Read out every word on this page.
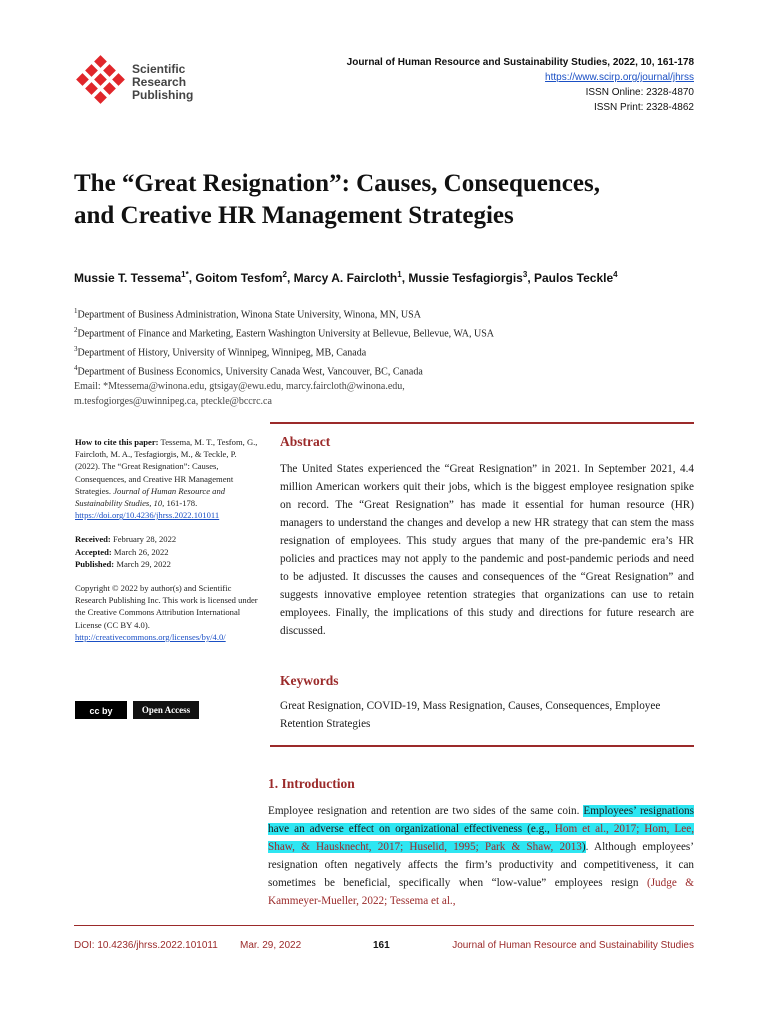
Scientific
Research
Publishing
Journal of Human Resource and Sustainability Studies, 2022, 10, 161-178
https://www.scirp.org/journal/jhrss
ISSN Online: 2328-4870
ISSN Print: 2328-4862
The “Great Resignation”: Causes, Consequences,
and Creative HR Management Strategies
Mussie T. Tessema$^{1*}$, Goitom Tesfom$^2$, Marcy A. Faircloth$^1$, Mussie Tesfagiorgis$^3$, Paulos Teckle$^4$
$^1$Department of Business Administration, Winona State University, Winona, MN, USA
$^2$Department of Finance and Marketing, Eastern Washington University at Bellevue, Bellevue, WA, USA
$^3$Department of History, University of Winnipeg, Winnipeg, MB, Canada
$^4$Department of Business Economics, University Canada West, Vancouver, BC, Canada
Email: *Mtessema@winona.edu, gtsigay@ewu.edu, marcy.faircloth@winona.edu,
m.tesfogiorges@uwinnipeg.ca, pteckle@bccrc.ca

How to cite this paper: Tessema, M. T., Tesfom, G., Faircloth, M. A., Tesfagiorgis, M., & Teckle, P. (2022). The “Great Resignation”: Causes, Consequences, and Creative HR Management Strategies. Journal of Human Resource and Sustainability Studies, 10, 161-178.

https://doi.org/10.4236/jhrss.2022.101011

Received: February 28, 2022

Accepted: March 26, 2022

Published: March 29, 2022

Copyright © 2022 by author(s) and Scientific Research Publishing Inc. This work is licensed under the Creative Commons Attribution International License (CC BY 4.0).

http://creativecommons.org/licenses/by/4.0/

cc by	Open Access
Abstract
The United States experienced the “Great Resignation” in 2021. In September 2021, 4.4 million American workers quit their jobs, which is the biggest employee resignation spike on record. The “Great Resignation” has made it essential for human resource (HR) managers to understand the changes and develop a new HR strategy that can stem the mass resignation of employees. This study argues that many of the pre-pandemic era’s HR policies and practices may not apply to the pandemic and post-pandemic periods and need to be adjusted. It discusses the causes and consequences of the “Great Resignation” and suggests innovative employee retention strategies that organizations can use to retain employees. Finally, the implications of this study and directions for future research are discussed.
Keywords
Great Resignation, COVID-19, Mass Resignation, Causes, Consequences, Employee Retention Strategies
1. Introduction
Employee resignation and retention are two sides of the same coin. Employees’ resignations have an adverse effect on organizational effectiveness (e.g., Hom et al., 2017; Hom, Lee, Shaw, & Hausknecht, 2017; Huselid, 1995; Park & Shaw, 2013). Although employees’ resignation often negatively affects the firm’s productivity and competitiveness, it can sometimes be beneficial, specifically when “low-value” employees resign (Judge & Kammeyer-Mueller, 2022; Tessema et al.,
DOI: 10.4236/jhrss.2022.101011 Mar. 29, 2022	161	Journal of Human Resource and Sustainability Studies
